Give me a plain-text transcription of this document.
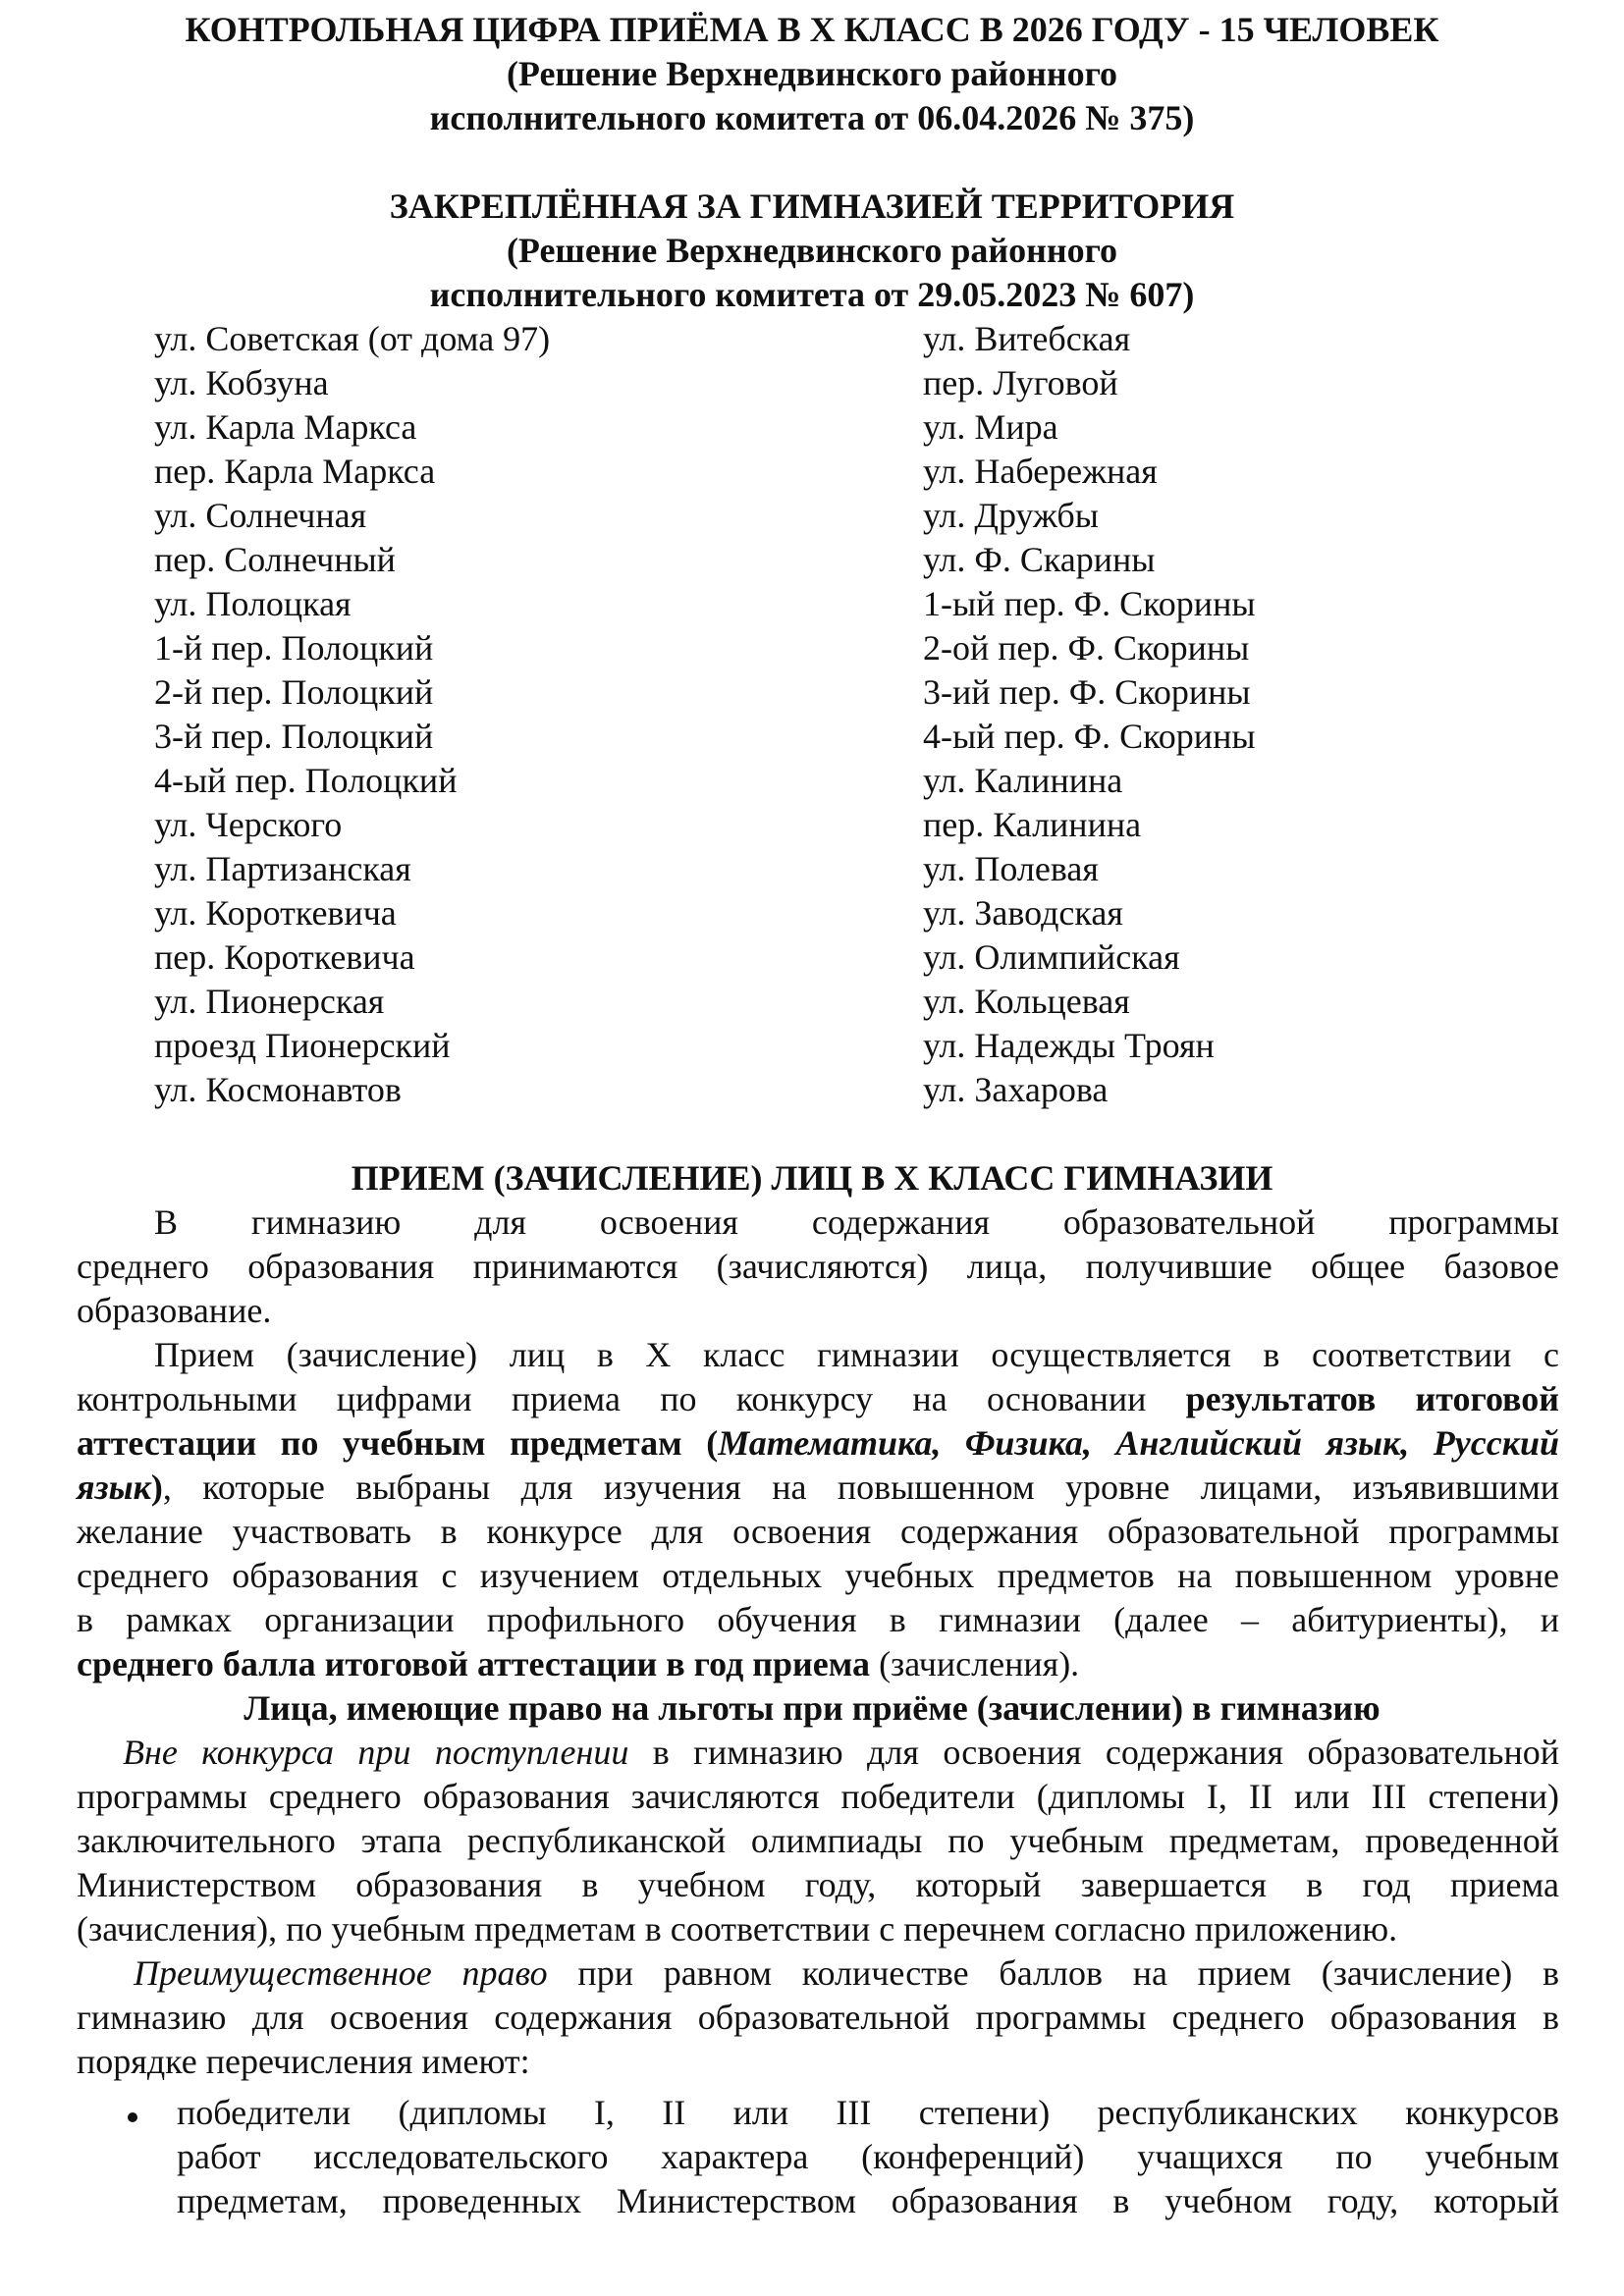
КОНТРОЛЬНАЯ ЦИФРА ПРИЁМА В Х КЛАСС В 2026 ГОДУ - 15 ЧЕЛОВЕК
(Решение Верхнедвинского районного
исполнительного комитета от 06.04.2026 № 375)
ЗАКРЕПЛЁННАЯ ЗА ГИМНАЗИЕЙ ТЕРРИТОРИЯ
(Решение Верхнедвинского районного
исполнительного комитета от 29.05.2023 № 607)
ул. Советская (от дома 97)
ул. Кобзуна
ул. Карла Маркса
пер. Карла Маркса
ул. Солнечная
пер. Солнечный
ул. Полоцкая
1-й пер. Полоцкий
2-й пер. Полоцкий
3-й пер. Полоцкий
4-ый пер. Полоцкий
ул. Черского
ул. Партизанская
ул. Короткевича
пер. Короткевича
ул. Пионерская
проезд Пионерский
ул. Космонавтов
ул. Витебская
пер. Луговой
ул. Мира
ул. Набережная
ул. Дружбы
ул. Ф. Скарины
1-ый пер. Ф. Скорины
2-ой пер. Ф. Скорины
3-ий пер. Ф. Скорины
4-ый пер. Ф. Скорины
ул. Калинина
пер. Калинина
ул. Полевая
ул. Заводская
ул. Олимпийская
ул. Кольцевая
ул. Надежды Троян
ул. Захарова
ПРИЕМ (ЗАЧИСЛЕНИЕ) ЛИЦ В Х КЛАСС ГИМНАЗИИ
В гимназию для освоения содержания образовательной программы
среднего образования принимаются (зачисляются) лица, получившие общее базовое
образование.
Прием (зачисление) лиц в X класс гимназии осуществляется в соответствии с
контрольными цифрами приема по конкурсу на основании результатов итоговой
аттестации по учебным предметам (Математика, Физика, Английский язык, Русский
язык), которые выбраны для изучения на повышенном уровне лицами, изъявившими
желание участвовать в конкурсе для освоения содержания образовательной программы
среднего образования с изучением отдельных учебных предметов на повышенном уровне
в рамках организации профильного обучения в гимназии (далее – абитуриенты), и
среднего балла итоговой аттестации в год приема (зачисления).
Лица, имеющие право на льготы при приёме (зачислении) в гимназию
Вне конкурса при поступлении в гимназию для освоения содержания образовательной
программы среднего образования зачисляются победители (дипломы I, II или III степени)
заключительного этапа республиканской олимпиады по учебным предметам, проведенной
Министерством образования в учебном году, который завершается в год приема
(зачисления), по учебным предметам в соответствии с перечнем согласно приложению.
Преимущественное право при равном количестве баллов на прием (зачисление) в
гимназию для освоения содержания образовательной программы среднего образования в
порядке перечисления имеют:
победители (дипломы I, II или III степени) республиканских конкурсов
работ исследовательского характера (конференций) учащихся по учебным
предметам, проведенных Министерством образования в учебном году, который
